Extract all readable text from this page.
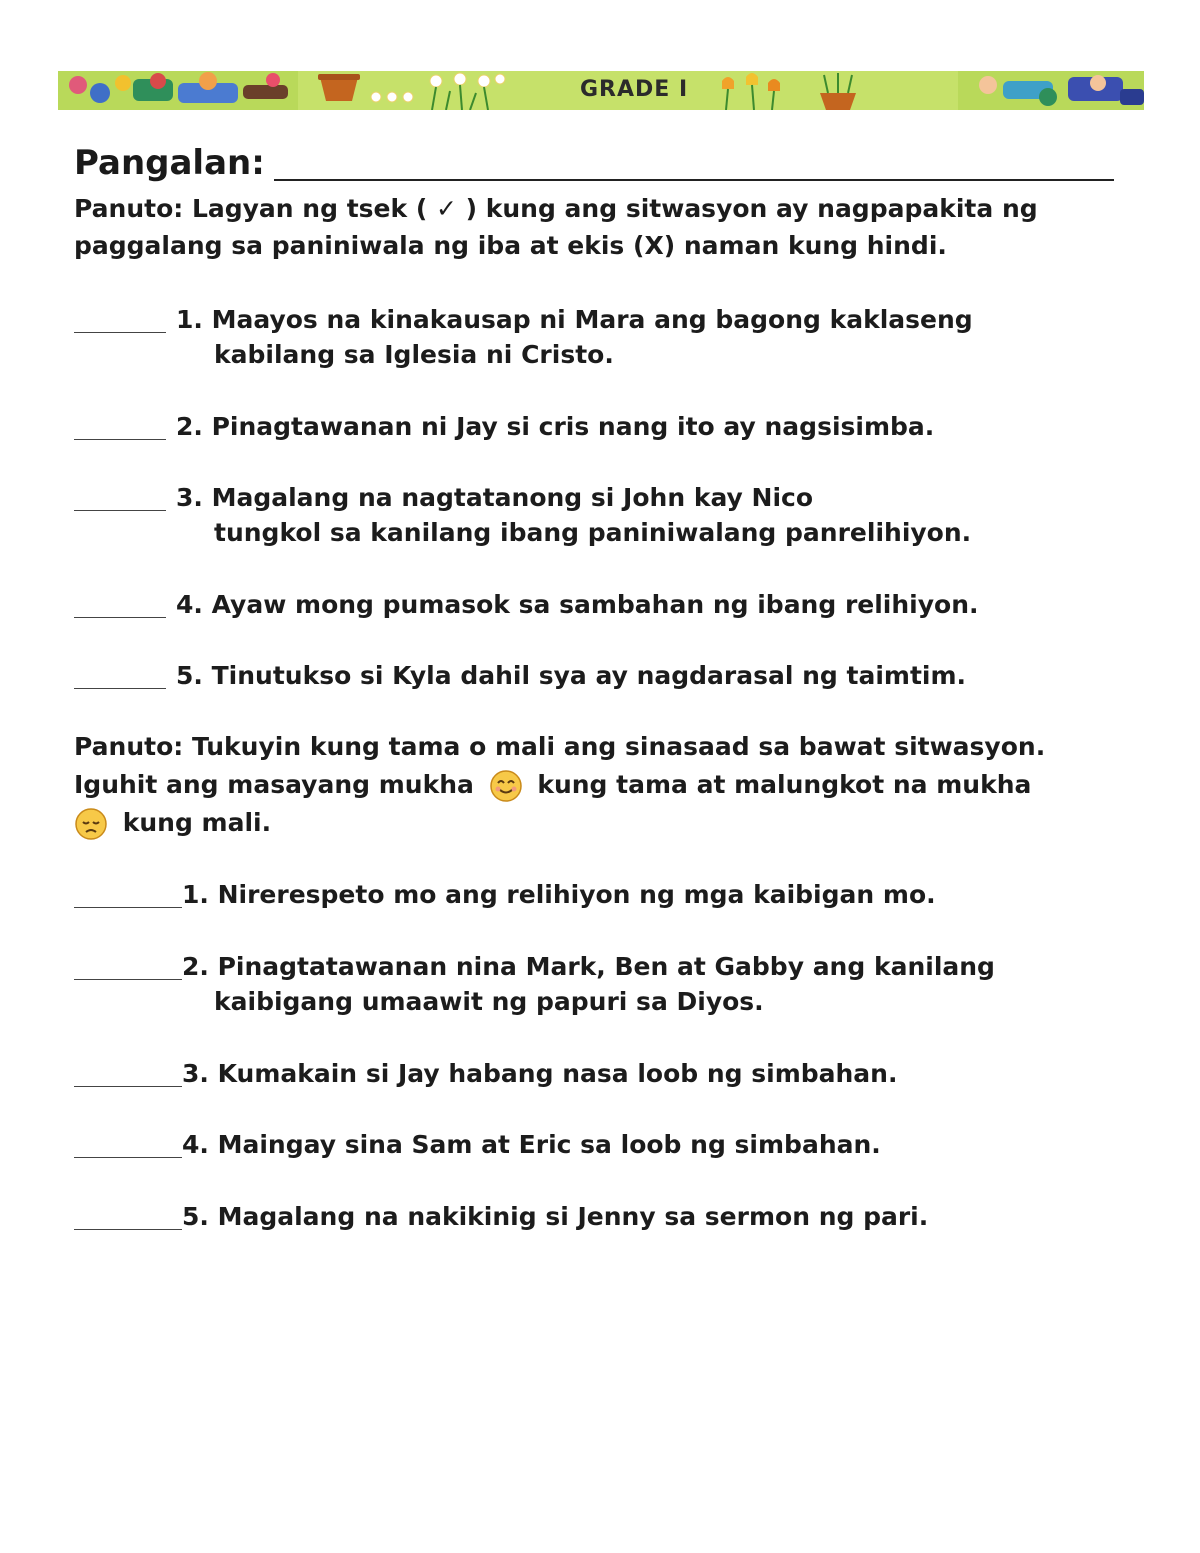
GRADE I
Pangalan:
Panuto: Lagyan ng tsek ( ✓ ) kung ang sitwasyon ay nagpapakita ng
paggalang sa paniniwala ng iba at ekis (X) naman kung hindi.
1. Maayos na kinakausap ni Mara ang bagong kaklaseng
kabilang sa Iglesia ni Cristo.
2. Pinagtawanan ni Jay si cris nang ito ay nagsisimba.
3. Magalang na nagtatanong si John kay Nico
tungkol sa kanilang ibang paniniwalang panrelihiyon.
4. Ayaw mong pumasok sa sambahan ng ibang relihiyon.
5. Tinutukso si Kyla dahil sya ay nagdarasal ng taimtim.
Panuto: Tukuyin kung tama o mali ang sinasaad sa bawat sitwasyon.
Iguhit ang masayang mukha	kung tama at malungkot na mukha
kung mali.
1. Nirerespeto mo ang relihiyon ng mga kaibigan mo.
2. Pinagtatawanan nina Mark, Ben at Gabby ang kanilang
kaibigang umaawit ng papuri sa Diyos.
3. Kumakain si Jay habang nasa loob ng simbahan.
4. Maingay sina Sam at Eric sa loob ng simbahan.
5. Magalang na nakikinig si Jenny sa sermon ng pari.
